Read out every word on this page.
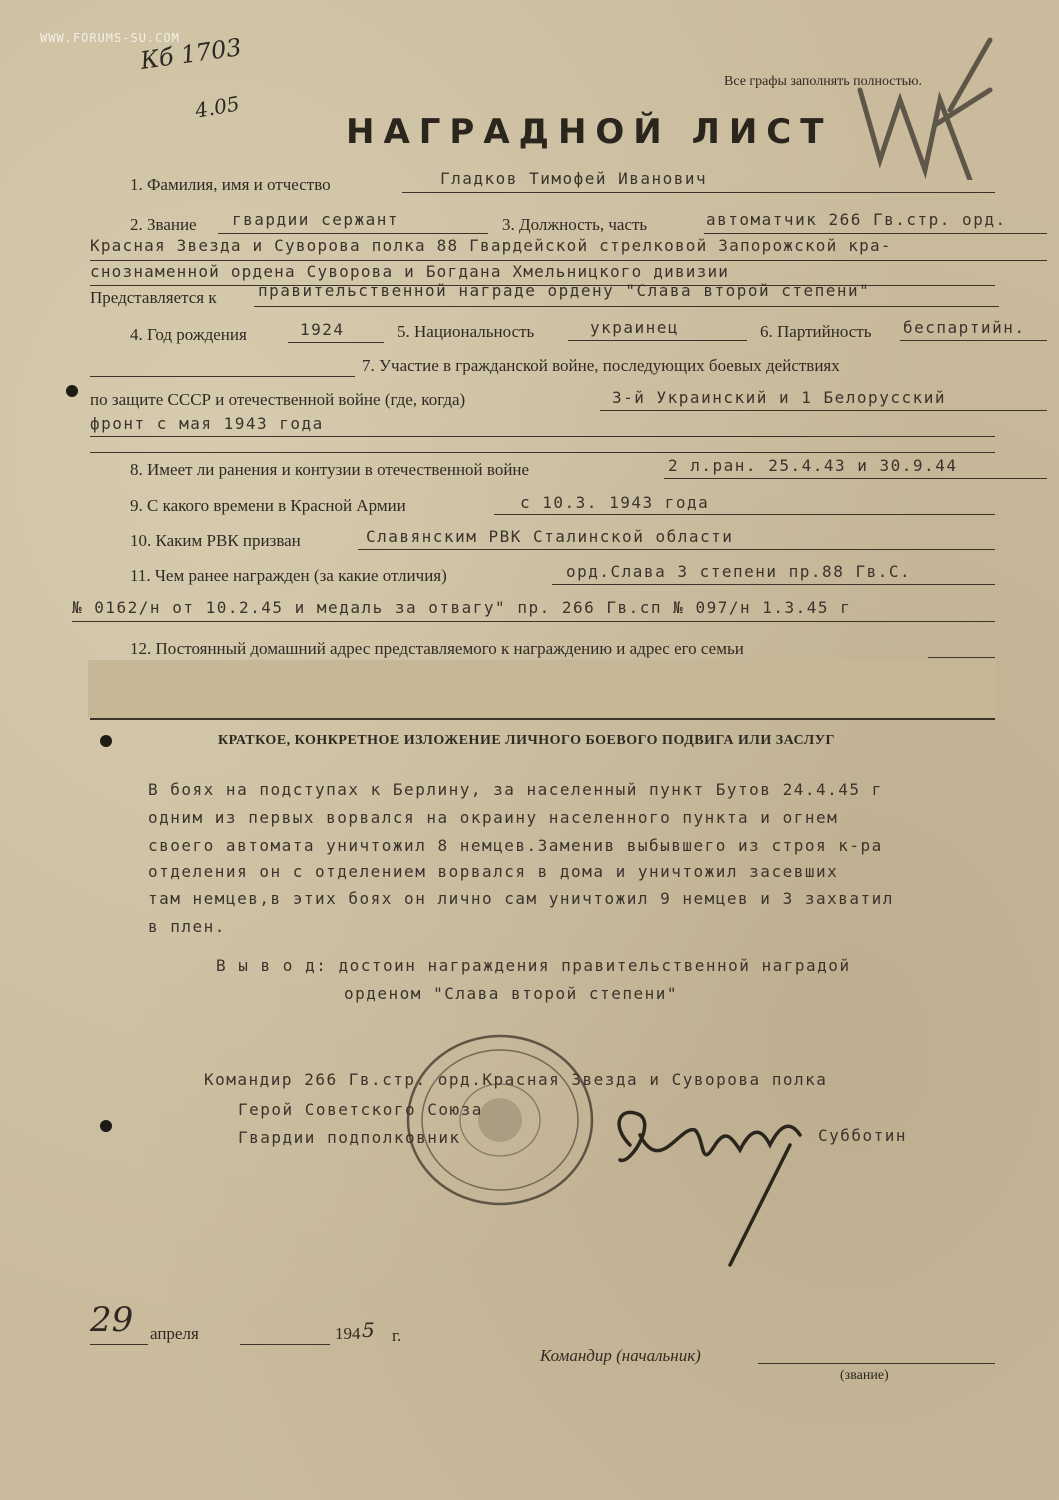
WWW.FORUMS-SU.COM
Кб 1703
4.05
Все графы заполнять полностью.
НАГРАДНОЙ ЛИСТ
1. Фамилия, имя и отчество	Гладков Тимофей Иванович
2. Звание гвардии сержант	3. Должность, часть	автоматчик 266 Гв.стр. орд.
Красная Звезда и Суворова полка 88 Гвардейской стрелковой Запорожской кра-
снознаменной ордена Суворова и Богдана Хмельницкого дивизии
Представляется к	правительственной награде ордену "Слава второй степени"
4. Год рождения	1924	5. Национальность	украинец	6. Партийность беспартийн.
7. Участие в гражданской войне, последующих боевых действиях
по защите СССР и отечественной войне (где, когда)	3-й Украинский и 1 Белорусский
фронт с мая 1943 года
8. Имеет ли ранения и контузии в отечественной войне	2 л.ран. 25.4.43 и 30.9.44
9. С какого времени в Красной Армии	с 10.3. 1943 года
10. Каким РВК призван	Славянским РВК Сталинской области
11. Чем ранее награжден (за какие отличия)	орд.Слава 3 степени пр.88 Гв.С.
№ 0162/н от 10.2.45 и медаль за отвагу" пр. 266 Гв.сп № 097/н 1.3.45 г
12. Постоянный домашний адрес представляемого к награждению и адрес его семьи
КРАТКОЕ, КОНКРЕТНОЕ ИЗЛОЖЕНИЕ ЛИЧНОГО БОЕВОГО ПОДВИГА ИЛИ ЗАСЛУГ
В боях на подступах к Берлину, за населенный пункт Бутов 24.4.45 г
одним из первых ворвался на окраину населенного пункта и огнем
своего автомата уничтожил 8 немцев.Заменив выбывшего из строя к-ра
отделения он с отделением ворвался в дома и уничтожил засевших
там немцев,в этих боях он лично сам уничтожил 9 немцев и 3 захватил
в плен.
В ы в о д: достоин награждения правительственной наградой
орденом "Слава второй степени"
Командир 266 Гв.стр. орд.Красная Звезда и Суворова полка
Герой Советского Союза
Гвардии подполковник	Субботин
29 апреля	194 5 г.
Командир (начальник)
(звание)
